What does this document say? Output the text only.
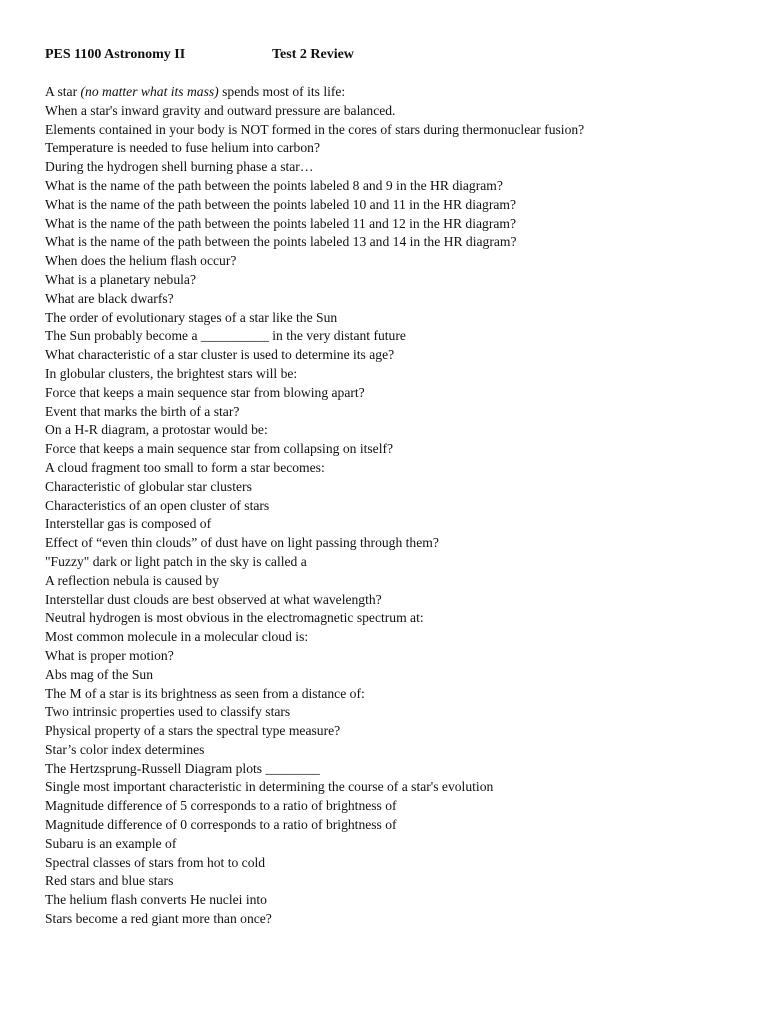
PES 1100 Astronomy II	Test 2 Review
A star (no matter what its mass) spends most of its life:
When a star's inward gravity and outward pressure are balanced.
Elements contained in your body is NOT formed in the cores of stars during thermonuclear fusion?
Temperature is needed to fuse helium into carbon?
During the hydrogen shell burning phase a star…
What is the name of the path between the points labeled 8 and 9 in the HR diagram?
What is the name of the path between the points labeled 10 and 11 in the HR diagram?
What is the name of the path between the points labeled 11 and 12 in the HR diagram?
What is the name of the path between the points labeled 13 and 14 in the HR diagram?
When does the helium flash occur?
What is a planetary nebula?
What are black dwarfs?
The order of evolutionary stages of a star like the Sun
The Sun probably become a __________ in the very distant future
What characteristic of a star cluster is used to determine its age?
In globular clusters, the brightest stars will be:
Force that keeps a main sequence star from blowing apart?
Event that marks the birth of a star?
On a H-R diagram, a protostar would be:
Force that keeps a main sequence star from collapsing on itself?
A cloud fragment too small to form a star becomes:
Characteristic of globular star clusters
Characteristics of an open cluster of stars
Interstellar gas is composed of
Effect of “even thin clouds” of dust have on light passing through them?
"Fuzzy" dark or light patch in the sky is called a
A reflection nebula is caused by
Interstellar dust clouds are best observed at what wavelength?
Neutral hydrogen is most obvious in the electromagnetic spectrum at:
Most common molecule in a molecular cloud is:
What is proper motion?
Abs mag of the Sun
The M of a star is its brightness as seen from a distance of:
Two intrinsic properties used to classify stars
Physical property of a stars the spectral type measure?
Star’s color index determines
The Hertzsprung-Russell Diagram plots ________
Single most important characteristic in determining the course of a star's evolution
Magnitude difference of 5 corresponds to a ratio of brightness of
Magnitude difference of 0 corresponds to a ratio of brightness of
Subaru is an example of
Spectral classes of stars from hot to cold
Red stars and blue stars
The helium flash converts He nuclei into
Stars become a red giant more than once?
